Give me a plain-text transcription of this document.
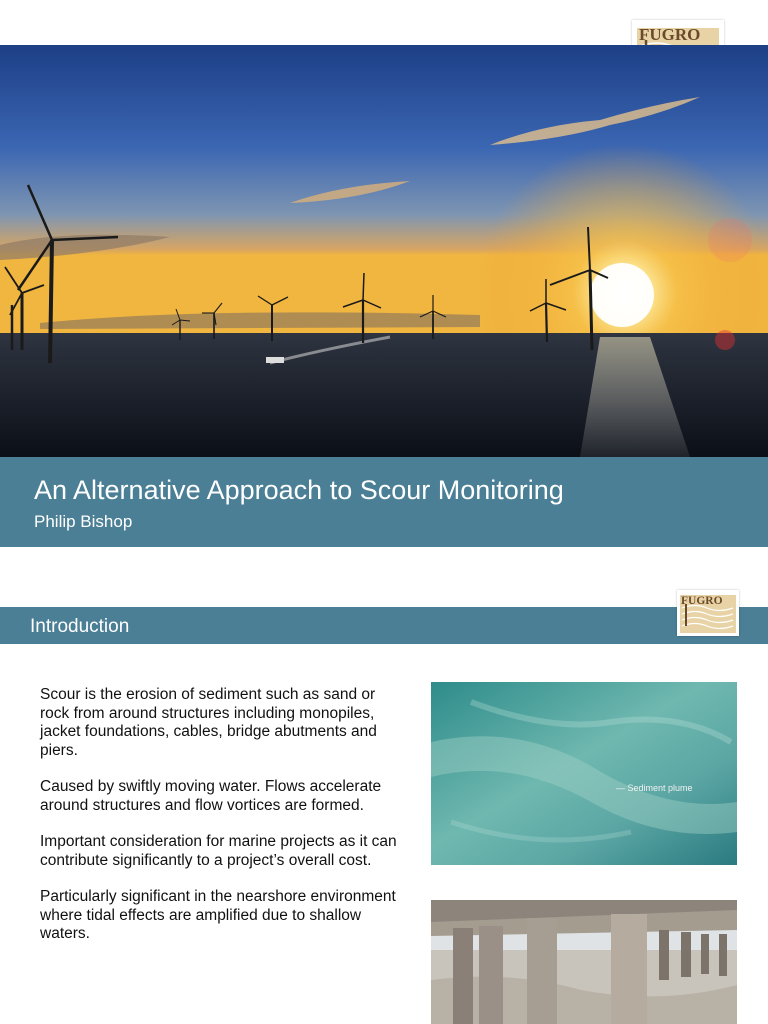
FUGRO
An Alternative Approach to Scour Monitoring
Philip Bishop
Introduction
FUGRO

Scour is the erosion of sediment such as sand or rock from around structures including monopiles, jacket foundations, cables, bridge abutments and piers.

Caused by swiftly moving water. Flows accelerate around structures and flow vortices are formed.

Important consideration for marine projects as it can contribute significantly to a project’s overall cost.

Particularly significant in the nearshore environment where tidal effects are amplified due to shallow waters.

— Sediment plume
